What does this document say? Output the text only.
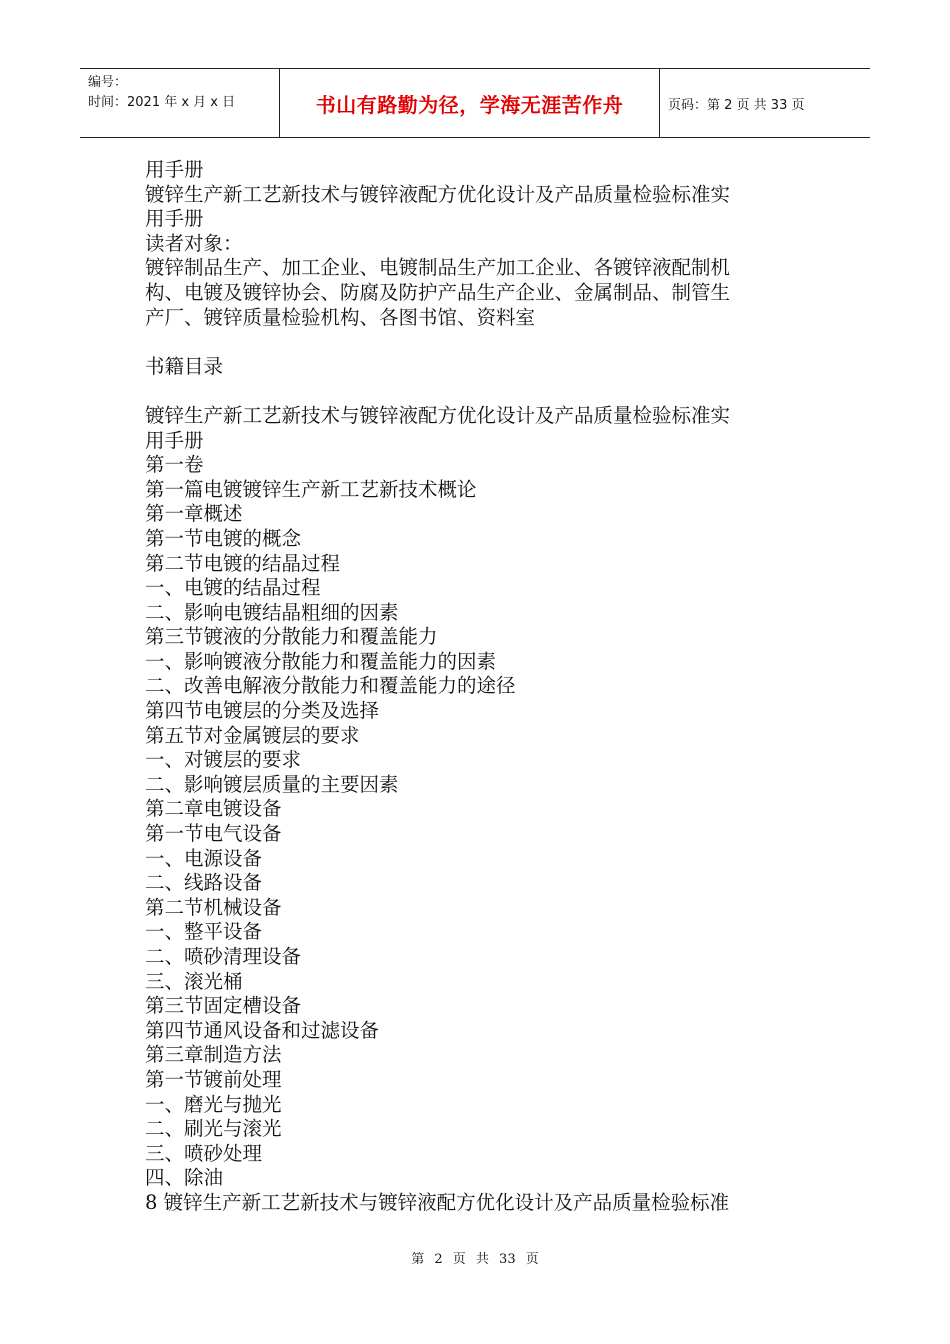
编号：
时间：2021 年 x 月 x 日	书山有路勤为径，学海无涯苦作舟	页码：第 2 页 共 33 页

用手册

镀锌生产新工艺新技术与镀锌液配方优化设计及产品质量检验标准实

用手册

读者对象：

镀锌制品生产、加工企业、电镀制品生产加工企业、各镀锌液配制机

构、电镀及镀锌协会、防腐及防护产品生产企业、金属制品、制管生

产厂、镀锌质量检验机构、各图书馆、资料室

书籍目录

镀锌生产新工艺新技术与镀锌液配方优化设计及产品质量检验标准实

用手册

第一卷

第一篇电镀镀锌生产新工艺新技术概论

第一章概述

第一节电镀的概念

第二节电镀的结晶过程

一、电镀的结晶过程

二、影响电镀结晶粗细的因素

第三节镀液的分散能力和覆盖能力

一、影响镀液分散能力和覆盖能力的因素

二、改善电解液分散能力和覆盖能力的途径

第四节电镀层的分类及选择

第五节对金属镀层的要求

一、对镀层的要求

二、影响镀层质量的主要因素

第二章电镀设备

第一节电气设备

一、电源设备

二、线路设备

第二节机械设备

一、整平设备

二、喷砂清理设备

三、滚光桶

第三节固定槽设备

第四节通风设备和过滤设备

第三章制造方法

第一节镀前处理

一、磨光与抛光

二、刷光与滚光

三、喷砂处理

四、除油

8 镀锌生产新工艺新技术与镀锌液配方优化设计及产品质量检验标准

第 2 页 共 33 页
